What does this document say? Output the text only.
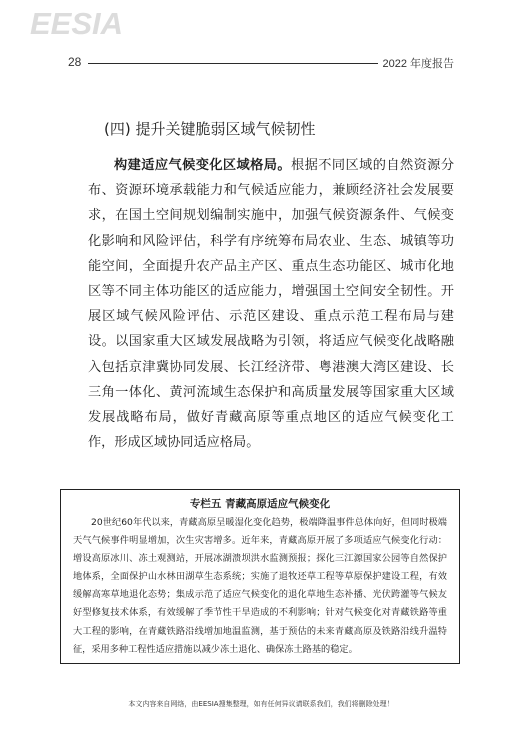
EESIA
28	2022 年度报告
(四) 提升关键脆弱区域气候韧性

构建适应气候变化区域格局。根据不同区域的自然资源分布、资源环境承载能力和气候适应能力，兼顾经济社会发展要求，在国土空间规划编制实施中，加强气候资源条件、气候变化影响和风险评估，科学有序统筹布局农业、生态、城镇等功能空间，全面提升农产品主产区、重点生态功能区、城市化地区等不同主体功能区的适应能力，增强国土空间安全韧性。开展区域气候风险评估、示范区建设、重点示范工程布局与建设。以国家重大区域发展战略为引领，将适应气候变化战略融入包括京津冀协同发展、长江经济带、粤港澳大湾区建设、长三角一体化、黄河流域生态保护和高质量发展等国家重大区域发展战略布局，做好青藏高原等重点地区的适应气候变化工作，形成区域协同适应格局。

专栏五 青藏高原适应气候变化

20世纪60年代以来，青藏高原呈暖湿化变化趋势，极端降温事件总体向好，但同时极端天气气候事件明显增加，次生灾害增多。近年来，青藏高原开展了多项适应气候变化行动：增设高原冰川、冻土观测站，开展冰湖溃坝洪水监测预报；探化三江源国家公园等自然保护地体系，全面保护山水林田湖草生态系统；实施了退牧还草工程等草原保护建设工程，有效缓解高寒草地退化态势；集成示范了适应气候变化的退化草地生态补播、光伏跨灌等气候友好型修复技术体系，有效缓解了季节性干旱造成的不利影响；针对气候变化对青藏铁路等重大工程的影响，在青藏铁路沿线增加地温监测，基于预估的未来青藏高原及铁路沿线升温特征，采用多种工程性适应措施以减少冻土退化、确保冻土路基的稳定。

本文内容来自网络，由EESIA搜集整理，如有任何异议请联系我们，我们将删除处理！
